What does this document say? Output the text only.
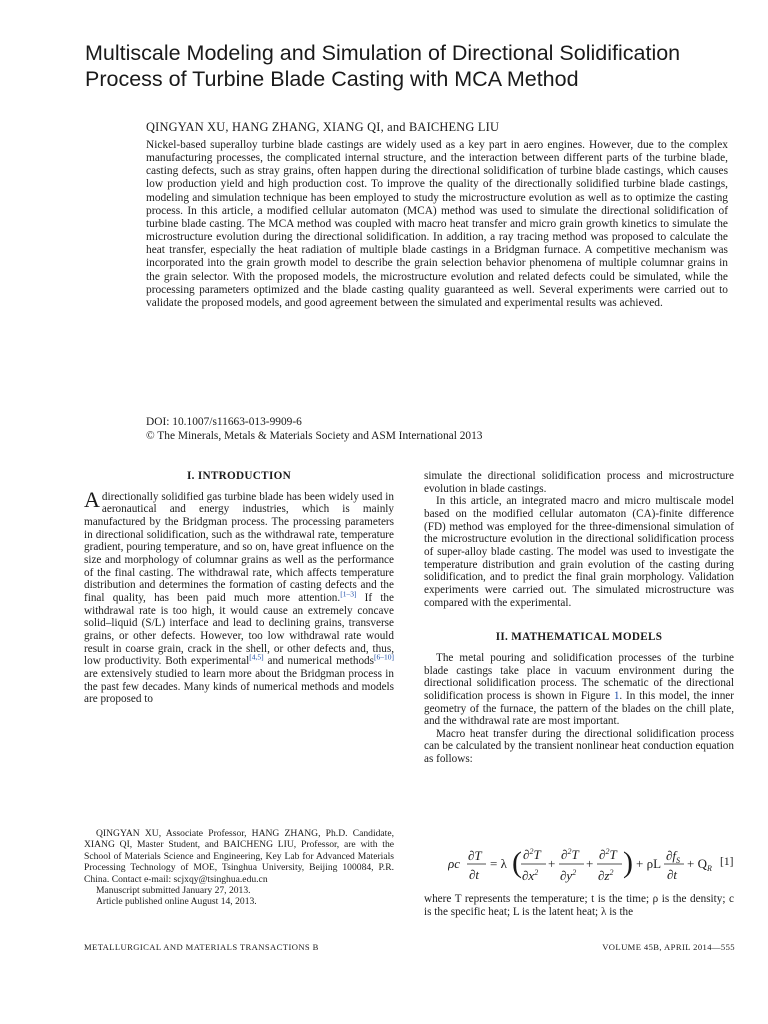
Multiscale Modeling and Simulation of Directional Solidification Process of Turbine Blade Casting with MCA Method
QINGYAN XU, HANG ZHANG, XIANG QI, and BAICHENG LIU

Nickel-based superalloy turbine blade castings are widely used as a key part in aero engines. However, due to the complex manufacturing processes, the complicated internal structure, and the interaction between different parts of the turbine blade, casting defects, such as stray grains, often happen during the directional solidification of turbine blade castings, which causes low production yield and high production cost. To improve the quality of the directionally solidified turbine blade castings, modeling and simulation technique has been employed to study the microstructure evolution as well as to optimize the casting process. In this article, a modified cellular automaton (MCA) method was used to simulate the directional solidification of turbine blade casting. The MCA method was coupled with macro heat transfer and micro grain growth kinetics to simulate the microstructure evolution during the directional solidification. In addition, a ray tracing method was proposed to calculate the heat transfer, especially the heat radiation of multiple blade castings in a Bridgman furnace. A competitive mechanism was incorporated into the grain growth model to describe the grain selection behavior phenomena of multiple columnar grains in the grain selector. With the proposed models, the microstructure evolution and related defects could be simulated, while the processing parameters optimized and the blade casting quality guaranteed as well. Several experiments were carried out to validate the proposed models, and good agreement between the simulated and experimental results was achieved.

DOI: 10.1007/s11663-013-9909-6
© The Minerals, Metals & Materials Society and ASM International 2013
I. INTRODUCTION

A directionally solidified gas turbine blade has been widely used in aeronautical and energy industries, which is mainly manufactured by the Bridgman process. The processing parameters in directional solidification, such as the withdrawal rate, temperature gradient, pouring temperature, and so on, have great influence on the size and morphology of columnar grains as well as the performance of the final casting. The withdrawal rate, which affects temperature distribution and determines the formation of casting defects and the final quality, has been paid much more attention.[1–3] If the withdrawal rate is too high, it would cause an extremely concave solid–liquid (S/L) interface and lead to declining grains, transverse grains, or other defects. However, too low withdrawal rate would result in coarse grain, crack in the shell, or other defects and, thus, low productivity. Both experimental[4,5] and numerical methods[6–10] are extensively studied to learn more about the Bridgman process in the past few decades. Many kinds of numerical methods and models are proposed to

simulate the directional solidification process and microstructure evolution in blade castings.

In this article, an integrated macro and micro multiscale model based on the modified cellular automaton (CA)-finite difference (FD) method was employed for the three-dimensional simulation of the microstructure evolution in the directional solidification process of super-alloy blade casting. The model was used to investigate the temperature distribution and grain evolution of the casting during solidification, and to predict the final grain morphology. Validation experiments were carried out. The simulated microstructure was compared with the experimental.

II. MATHEMATICAL MODELS

The metal pouring and solidification processes of the turbine blade castings take place in vacuum environment during the directional solidification process. The schematic of the directional solidification process is shown in Figure 1. In this model, the inner geometry of the furnace, the pattern of the blades on the chill plate, and the withdrawal rate are most important.

Macro heat transfer during the directional solidification process can be calculated by the transient nonlinear heat conduction equation as follows:

ρc
∂T
∂t
= λ ( ∂$^2$T
$\partial x^2$
+
∂$^2$T
$\partial y^2$
+
∂$^2$T
$\partial z^2$ ) + ρL
$\partial f_S$
∂t
+ $Q_R$
[1]

where T represents the temperature; t is the time; ρ is the density; c is the specific heat; L is the latent heat; λ is the

QINGYAN XU, Associate Professor, HANG ZHANG, Ph.D. Candidate, XIANG QI, Master Student, and BAICHENG LIU, Professor, are with the School of Materials Science and Engineering, Key Lab for Advanced Materials Processing Technology of MOE, Tsinghua University, Beijing 100084, P.R. China. Contact e-mail: scjxqy@tsinghua.edu.cn
Manuscript submitted January 27, 2013.
Article published online August 14, 2013.
METALLURGICAL AND MATERIALS TRANSACTIONS B	VOLUME 45B, APRIL 2014—555
